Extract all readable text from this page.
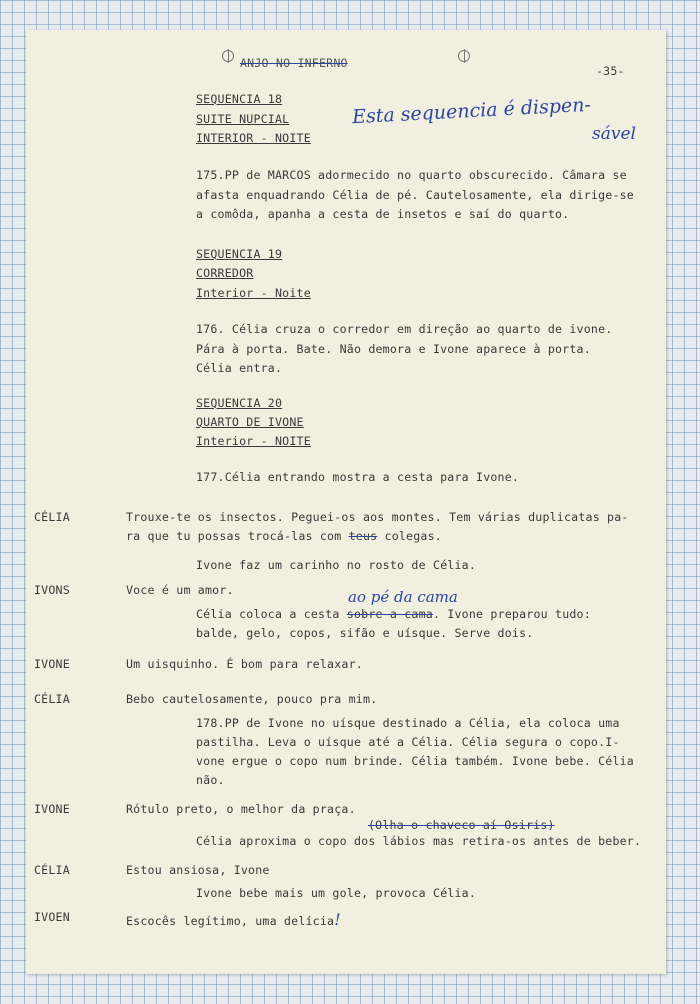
ANJO NO INFERNO
-35-
SEQUENCIA 18
SUITE NUPCIAL
INTERIOR - NOITE
Esta sequencia é dispen-
sável
175.PP de MARCOS adormecido no quarto obscurecido. Câmara se
afasta enquadrando Célia de pé. Cautelosamente, ela dirige-se
a comôda, apanha a cesta de insetos e saí do quarto.
SEQUENCIA 19
CORREDOR
Interior - Noite
176. Célia cruza o corredor em direção ao quarto de ivone.
Pára à porta. Bate. Não demora e Ivone aparece à porta.
Célia entra.
SEQUENCIA 20
QUARTO DE IVONE
Interior - NOITE
177.Célia entrando mostra a cesta para Ivone.
CÉLIA	Trouxe-te os insectos. Peguei-os aos montes. Tem várias duplicatas pa-
ra que tu possas trocá-las com teus colegas.
Ivone faz um carinho no rosto de Célia.
IVONS	Voce é um amor.	ao pé da cama
Célia coloca a cesta sobre a cama. Ivone preparou tudo:
balde, gelo, copos, sifão e uísque. Serve dois.
IVONE	Um uisquinho. É bom para relaxar.
CÉLIA	Bebo cautelosamente, pouco pra mim.
178.PP de Ivone no uísque destinado a Célia, ela coloca uma
pastilha. Leva o uísque até a Célia. Célia segura o copo.I-
vone ergue o copo num brinde. Célia também. Ivone bebe. Célia
não.
IVONE	Rótulo preto, o melhor da praça.
(Olha o chaveco aí Osiris)
Célia aproxima o copo dos lábios mas retira-os antes de beber.
CÉLIA	Estou ansiosa, Ivone
Ivone bebe mais um gole, provoca Célia.
IVOEN	Escocês legítimo, uma delícia!
